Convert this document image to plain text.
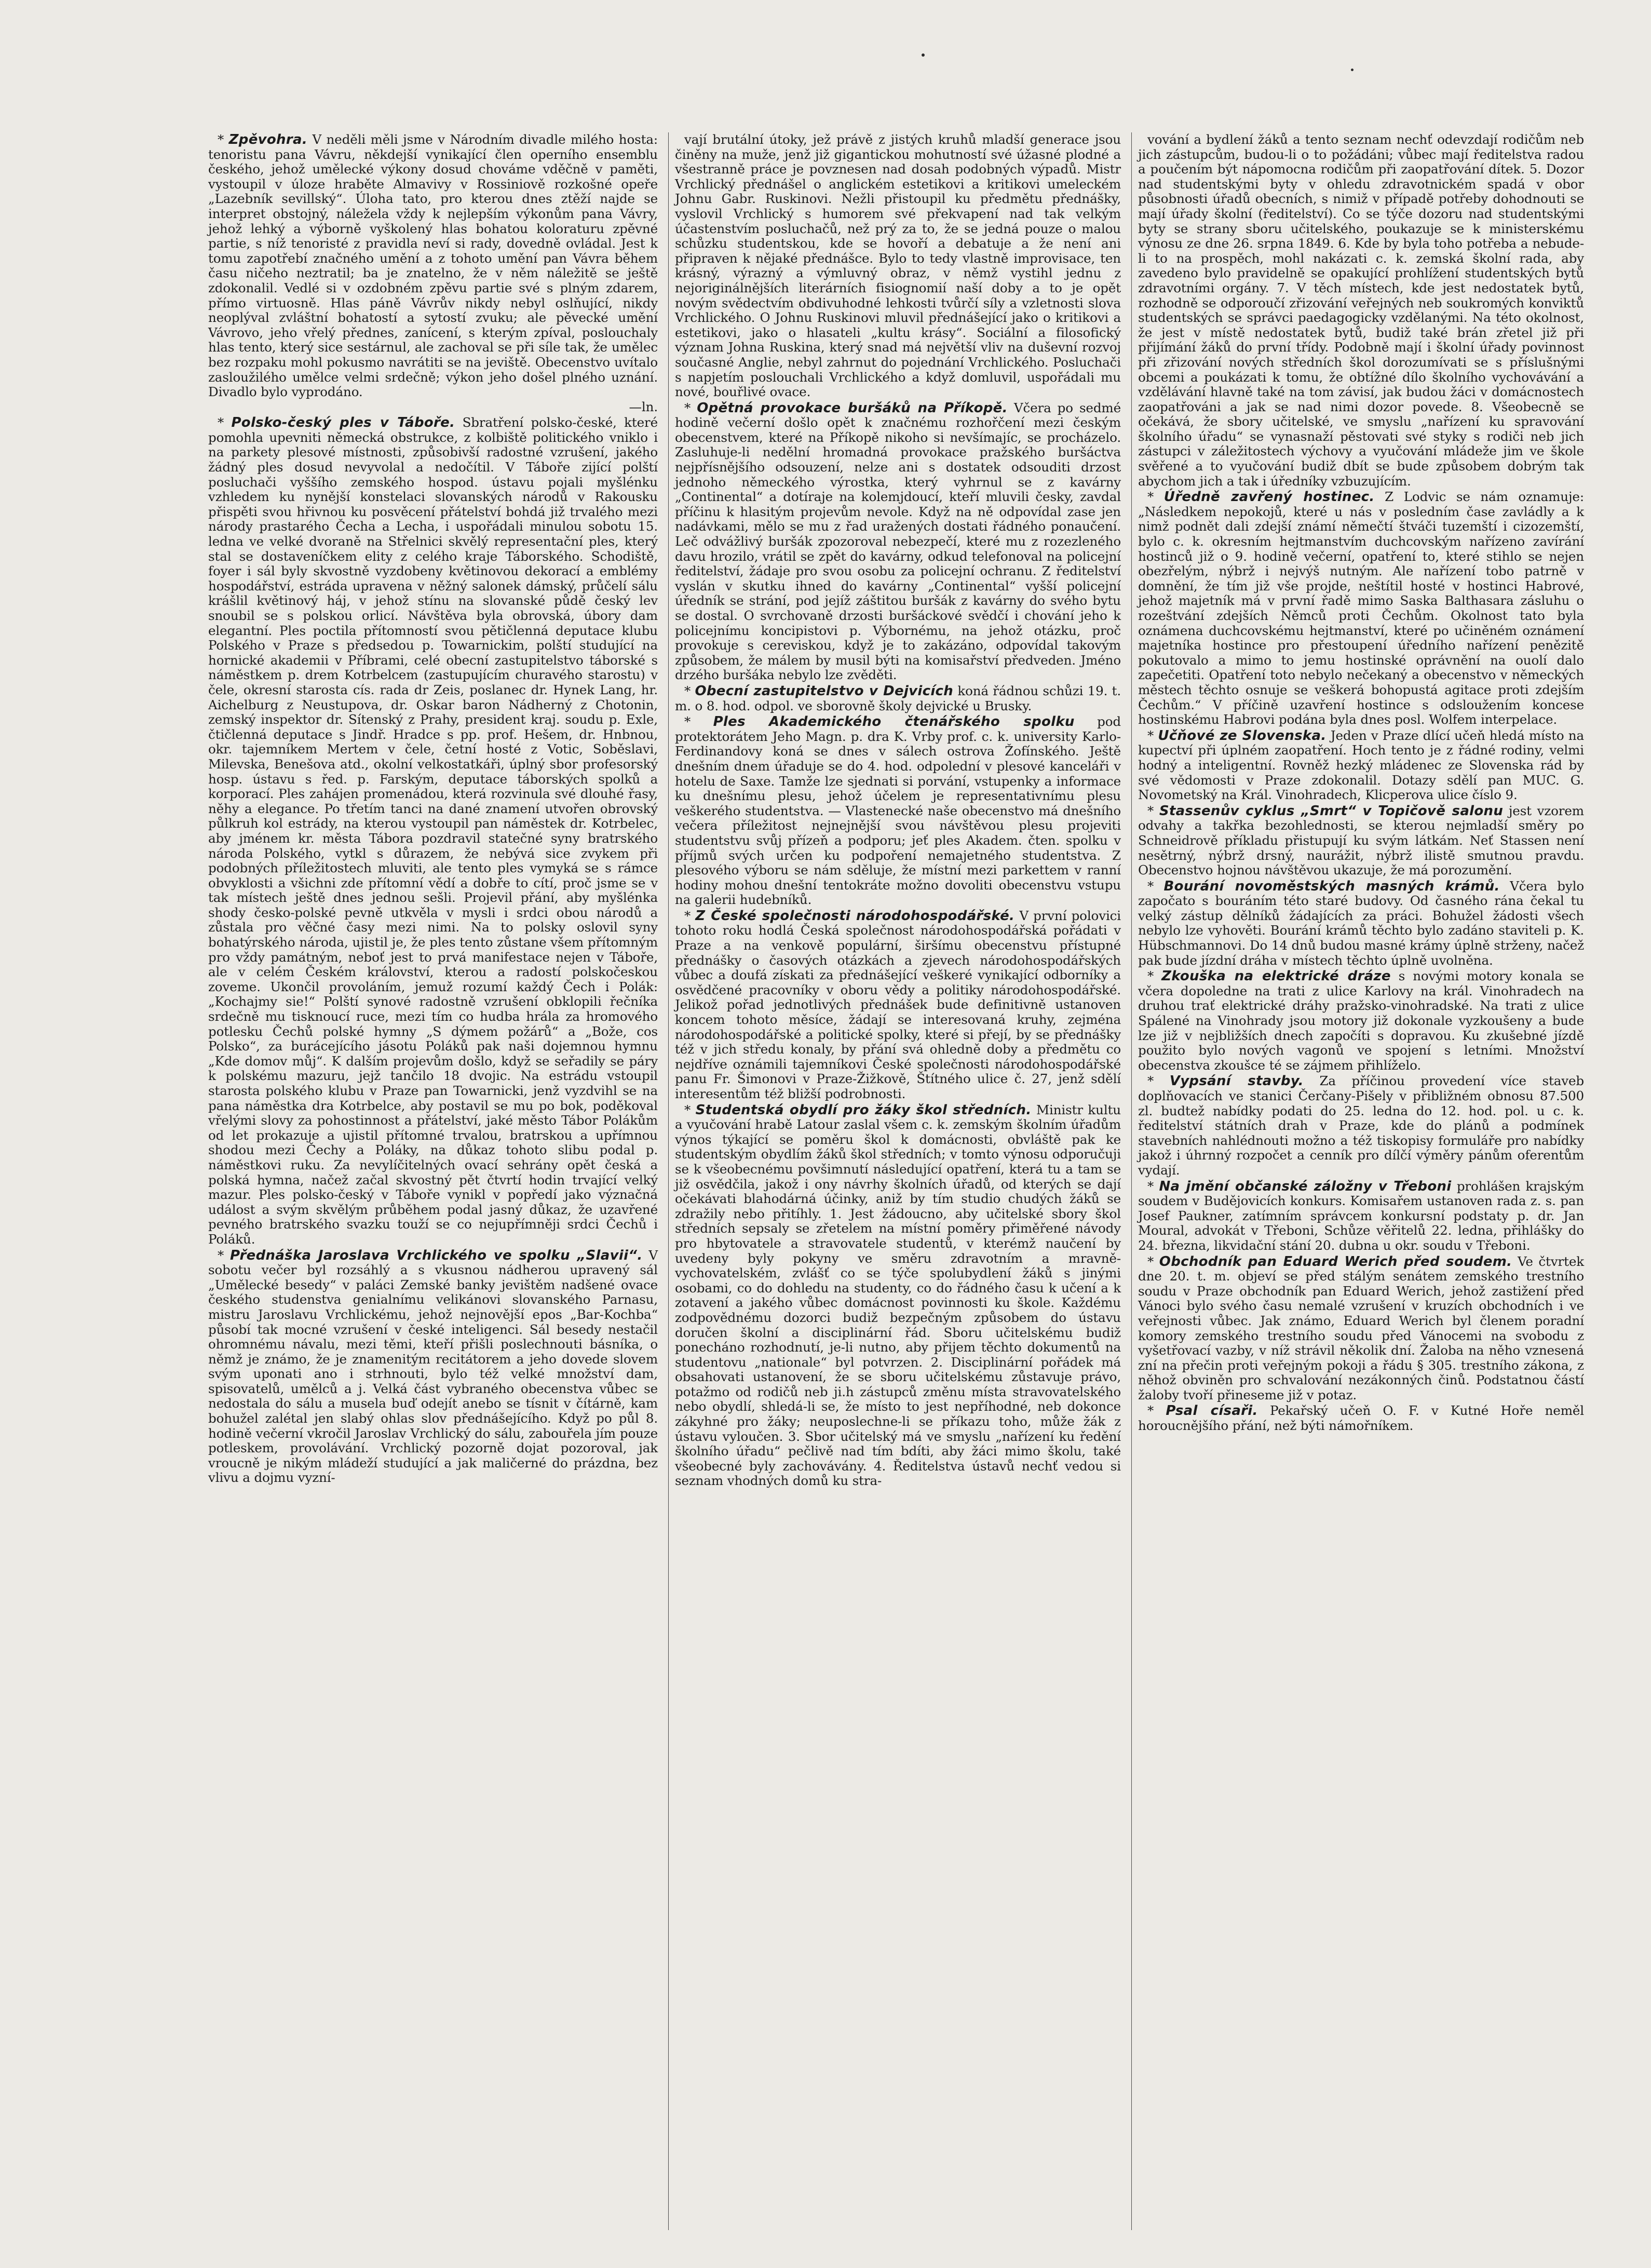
* Zpěvohra. V neděli měli jsme v Národním divadle milého hosta: tenoristu pana Vávru, někdejší vynikající člen operního ensemblu českého, jehož umělecké výkony dosud chováme vděčně v paměti, vystoupil v úloze hraběte Almavivy v Rossiniově rozkošné opeře „Lazebník sevillský“. Úloha tato, pro kterou dnes ztěží najde se interpret obstojný, náležela vždy k nejlepším výkonům pana Vávry, jehož lehký a výborně vyškolený hlas bohatou koloraturu zpěvné partie, s níž tenoristé z pravidla neví si rady, dovedně ovládal. Jest k tomu zapotřebí značného umění a z tohoto umění pan Vávra během času ničeho neztratil; ba je znatelno, že v něm náležitě se ještě zdokonalil. Vedlé si v ozdobném zpěvu partie své s plným zdarem, přímo virtuosně. Hlas páně Vávrův nikdy nebyl oslňující, nikdy neoplýval zvláštní bohatostí a sytostí zvuku; ale pěvecké umění Vávrovo, jeho vřelý přednes, zanícení, s kterým zpíval, poslouchaly hlas tento, který sice sestárnul, ale zachoval se při síle tak, že umělec bez rozpaku mohl pokusmo navrátiti se na jeviště. Obecenstvo uvítalo zasloužilého umělce velmi srdečně; výkon jeho došel plného uznání. Divadlo bylo vyprodáno.

—ln.

* Polsko-český ples v Táboře. Sbratření polsko-české, které pomohla upevniti německá obstrukce, z kolbiště politického vniklo i na parkety plesové místnosti, způsobivší radostné vzrušení, jakého žádný ples dosud nevyvolal a nedočítil. V Táboře zijící polští posluchači vyššího zemského hospod. ústavu pojali myšlénku vzhledem ku nynější konstelaci slovanských národů v Rakousku přispěti svou hřivnou ku posvěcení přátelství bohdá již trvalého mezi národy prastarého Čecha a Lecha, i uspořádali minulou sobotu 15. ledna ve velké dvoraně na Střelnici skvělý representační ples, který stal se dostaveníčkem elity z celého kraje Táborského. Schodiště, foyer i sál byly skvostně vyzdobeny květinovou dekorací a emblémy hospodářství, estráda upravena v něžný salonek dámský, průčelí sálu krášlil květinový háj, v jehož stínu na slovanské půdě český lev snoubil se s polskou orlicí. Návštěva byla obrovská, úbory dam elegantní. Ples poctila přítomností svou pětičlenná deputace klubu Polského v Praze s předsedou p. Towarnickim, polští studující na hornické akademii v Příbrami, celé obecní zastupitelstvo táborské s náměstkem p. drem Kotrbelcem (zastupujícím churavého starostu) v čele, okresní starosta cís. rada dr Zeis, poslanec dr. Hynek Lang, hr. Aichelburg z Neustupova, dr. Oskar baron Nádherný z Chotonin, zemský inspektor dr. Sítenský z Prahy, president kraj. soudu p. Exle, čtičlenná deputace s Jindř. Hradce s pp. prof. Hešem, dr. Hnbnou, okr. tajemníkem Mertem v čele, četní hosté z Votic, Soběslavi, Milevska, Benešova atd., okolní velkostatkáři, úplný sbor profesorský hosp. ústavu s řed. p. Farským, deputace táborských spolků a korporací. Ples zahájen promenádou, která rozvinula své dlouhé řasy, něhy a elegance. Po třetím tanci na dané znamení utvořen obrovský půlkruh kol estrády, na kterou vystoupil pan náměstek dr. Kotrbelec, aby jménem kr. města Tábora pozdravil statečné syny bratrského národa Polského, vytkl s důrazem, že nebývá sice zvykem při podobných příležitostech mluviti, ale tento ples vymyká se s rámce obvyklosti a všichni zde přítomní vědí a dobře to cítí, proč jsme se v tak místech ještě dnes jednou sešli. Projevil přání, aby myšlénka shody česko-polské pevně utkvěla v mysli i srdci obou národů a zůstala pro věčné časy mezi nimi. Na to polsky oslovil syny bohatýrského národa, ujistil je, že ples tento zůstane všem přítomným pro vždy památným, neboť jest to prvá manifestace nejen v Táboře, ale v celém Českém království, kterou a radostí polskočeskou zoveme. Ukončil provoláním, jemuž rozumí každý Čech i Polák: „Kochajmy sie!“ Polští synové radostně vzrušení obklopili řečníka srdečně mu tisknoucí ruce, mezi tím co hudba hrála za hromového potlesku Čechů polské hymny „S dýmem požárů“ a „Bože, cos Polsko“, za burácejícího jásotu Poláků pak naši dojemnou hymnu „Kde domov můj“. K dalším projevům došlo, když se seřadily se páry k polskému mazuru, jejž tančilo 18 dvojic. Na estrádu vstoupil starosta polského klubu v Praze pan Towarnicki, jenž vyzdvihl se na pana náměstka dra Kotrbelce, aby postavil se mu po bok, poděkoval vřelými slovy za pohostinnost a přátelství, jaké město Tábor Polákům od let prokazuje a ujistil přítomné trvalou, bratrskou a upřímnou shodou mezi Čechy a Poláky, na důkaz tohoto slibu podal p. náměstkovi ruku. Za nevylíčitelných ovací sehrány opět česká a polská hymna, načež začal skvostný pět čtvrtí hodin trvající velký mazur. Ples polsko-český v Táboře vynikl v popředí jako význačná událost a svým skvělým průběhem podal jasný důkaz, že uzavřené pevného bratrského svazku touží se co nejupřímněji srdci Čechů i Poláků.

* Přednáška Jaroslava Vrchlického ve spolku „Slavii“. V sobotu večer byl rozsáhlý a s vkusnou nádherou upravený sál „Umělecké besedy“ v paláci Zemské banky jevištěm nadšené ovace českého studenstva genialnímu velikánovi slovanského Parnasu, mistru Jaroslavu Vrchlickému, jehož nejnovější epos „Bar-Kochba“ působí tak mocné vzrušení v české inteligenci. Sál besedy nestačil ohromnému návalu, mezi těmi, kteří přišli poslechnouti básníka, o němž je známo, že je znamenitým recitátorem a jeho dovede slovem svým uponati ano i strhnouti, bylo též velké množství dam, spisovatelů, umělců a j. Velká část vybraného obecenstva vůbec se nedostala do sálu a musela buď odejít anebo se tísnit v čítárně, kam bohužel zalétal jen slabý ohlas slov přednášejícího. Když po půl 8. hodině večerní vkročil Jaroslav Vrchlický do sálu, zabouřela jím pouze potleskem, provolávání. Vrchlický pozorně dojat pozoroval, jak vroucně je nikým mládeží studující a jak maličerné do prázdna, bez vlivu a dojmu vyzní-

vají brutální útoky, jež právě z jistých kruhů mladší generace jsou činěny na muže, jenž již gigantickou mohutností své úžasné plodné a všestranně práce je povznesen nad dosah podobných výpadů. Mistr Vrchlický přednášel o anglickém estetikovi a kritikovi umeleckém Johnu Gabr. Ruskinovi. Nežli přistoupil ku předmětu přednášky, vyslovil Vrchlický s humorem své překvapení nad tak velkým účastenstvím posluchačů, než prý za to, že se jedná pouze o malou schůzku studentskou, kde se hovoří a debatuje a že není ani připraven k nějaké přednášce. Bylo to tedy vlastně improvisace, ten krásný, výrazný a výmluvný obraz, v němž vystihl jednu z nejoriginálnějších literárních fisiognomií naší doby a to je opět novým svědectvím obdivuhodné lehkosti tvůrčí síly a vzletnosti slova Vrchlického. O Johnu Ruskinovi mluvil přednášející jako o kritikovi a estetikovi, jako o hlasateli „kultu krásy“. Sociální a filosofický význam Johna Ruskina, který snad má největší vliv na duševní rozvoj současné Anglie, nebyl zahrnut do pojednání Vrchlického. Posluchači s napjetím poslouchali Vrchlického a když domluvil, uspořádali mu nové, bouřlivé ovace.

* Opětná provokace buršáků na Příkopě. Včera po sedmé hodině večerní došlo opět k značnému rozhořčení mezi českým obecenstvem, které na Příkopě nikoho si nevšímajíc, se procházelo. Zasluhuje-li nedělní hromadná provokace pražského buršáctva nejpřísnějšího odsouzení, nelze ani s dostatek odsouditi drzost jednoho německého výrostka, který vyhrnul se z kavárny „Continental“ a dotíraje na kolemjdoucí, kteří mluvili česky, zavdal příčinu k hlasitým projevům nevole. Když na ně odpovídal zase jen nadávkami, mělo se mu z řad uražených dostati řádného ponaučení. Leč odvážlivý buršák zpozoroval nebezpečí, které mu z rozezleného davu hrozilo, vrátil se zpět do kavárny, odkud telefonoval na policejní ředitelství, žádaje pro svou osobu za policejní ochranu. Z ředitelství vyslán v skutku ihned do kavárny „Continental“ vyšší policejní úředník se strání, pod jejíž záštitou buršák z kavárny do svého bytu se dostal. O svrchovaně drzosti buršáckové svědčí i chování jeho k policejnímu koncipistovi p. Výbornému, na jehož otázku, proč provokuje s cereviskou, když je to zakázáno, odpovídal takovým způsobem, že málem by musil býti na komisařství předveden. Jméno drzého buršáka nebylo lze zvěděti.

* Obecní zastupitelstvo v Dejvicích koná řádnou schůzi 19. t. m. o 8. hod. odpol. ve sborovně školy dejvické u Brusky.

* Ples Akademického čtenářského spolku pod protektorátem Jeho Magn. p. dra K. Vrby prof. c. k. university Karlo-Ferdinandovy koná se dnes v sálech ostrova Žofínského. Ještě dnešním dnem úřaduje se do 4. hod. odpolední v plesové kanceláři v hotelu de Saxe. Tamže lze sjednati si porvání, vstupenky a informace ku dnešnímu plesu, jehož účelem je representativnímu plesu veškerého studentstva. — Vlastenecké naše obecenstvo má dnešního večera příležitost nejnejnější svou návštěvou plesu projeviti studentstvu svůj přízeň a podporu; jeť ples Akadem. čten. spolku v příjmů svých určen ku podpoření nemajetného studentstva. Z plesového výboru se nám sděluje, že místní mezi parkettem v ranní hodiny mohou dnešní tentokráte možno dovoliti obecenstvu vstupu na galerii hudebníků.

* Z České společnosti národohospodářské. V první polovici tohoto roku hodlá Česká společnost národohospodářská pořádati v Praze a na venkově populární, širšímu obecenstvu přístupné přednášky o časových otázkách a zjevech národohospodářských vůbec a doufá získati za přednášející veškeré vynikající odborníky a osvědčené pracovníky v oboru vědy a politiky národohospodářské. Jelikož pořad jednotlivých přednášek bude definitivně ustanoven koncem tohoto měsíce, žádají se interesovaná kruhy, zejména národohospodářské a politické spolky, které si přejí, by se přednášky též v jich středu konaly, by přání svá ohledně doby a předmětu co nejdříve oznámili tajemníkovi České společnosti národohospodářské panu Fr. Šimonovi v Praze-Žižkově, Štítného ulice č. 27, jenž sdělí interesentům též bližší podrobnosti.

* Studentská obydlí pro žáky škol středních. Ministr kultu a vyučování hrabě Latour zaslal všem c. k. zemským školním úřadům výnos týkající se poměru škol k domácnosti, obvláště pak ke studentským obydlím žáků škol středních; v tomto výnosu odporučuji se k všeobecnému povšimnutí následující opatření, která tu a tam se již osvědčila, jakož i ony návrhy školních úřadů, od kterých se dají očekávati blahodárná účinky, aniž by tím studio chudých žáků se zdražily nebo přitíhly. 1. Jest žádoucno, aby učitelské sbory škol středních sepsaly se zřetelem na místní poměry přiměřené návody pro hbytovatele a stravovatele studentů, v kterémž naučení by uvedeny byly pokyny ve směru zdravotním a mravně-vychovatelském, zvlášť co se týče spolubydlení žáků s jinými osobami, co do dohledu na studenty, co do řádného času k učení a k zotavení a jakého vůbec domácnost povinnosti ku škole. Každému zodpovědnému dozorci budiž bezpečným způsobem do ústavu doručen školní a disciplinární řád. Sboru učitelskému budiž ponecháno rozhodnutí, je-li nutno, aby přijem těchto dokumentů na studentovu „nationale“ byl potvrzen. 2. Disciplinární pořádek má obsahovati ustanovení, že se sboru učitelskému zůstavuje právo, potažmo od rodičů neb ji.h zástupců změnu místa stravovatelského nebo obydlí, shledá-li se, že místo to jest nepříhodné, neb dokonce zákyhné pro žáky; neuposlechne-li se příkazu toho, může žák z ústavu vyloučen. 3. Sbor učitelský má ve smyslu „nařízení ku ředění školního úřadu“ pečlivě nad tím bdíti, aby žáci mimo školu, také všeobecné byly zachovávány. 4. Ředitelstva ústavů nechť vedou si seznam vhodných domů ku stra-

vování a bydlení žáků a tento seznam nechť odevzdají rodičům neb jich zástupcům, budou-li o to požádáni; vůbec mají ředitelstva radou a poučením být nápomocna rodičům při zaopatřování dítek. 5. Dozor nad studentskými byty v ohledu zdravotnickém spadá v obor působnosti úřadů obecních, s nimiž v případě potřeby dohodnouti se mají úřady školní (ředitelství). Co se týče dozoru nad studentskými byty se strany sboru učitelského, poukazuje se k ministerskému výnosu ze dne 26. srpna 1849. 6. Kde by byla toho potřeba a nebude-li to na prospěch, mohl nakázati c. k. zemská školní rada, aby zavedeno bylo pravidelně se opakující prohlížení studentských bytů zdravotními orgány. 7. V těch místech, kde jest nedostatek bytů, rozhodně se odporoučí zřizování veřejných neb soukromých konviktů studentských se správci paedagogicky vzdělanými. Na této okolnost, že jest v místě nedostatek bytů, budiž také brán zřetel již při přijímání žáků do první třídy. Podobně mají i školní úřady povinnost při zřizování nových středních škol dorozumívati se s příslušnými obcemi a poukázati k tomu, že obtížné dílo školního vychovávání a vzdělávání hlavně také na tom závisí, jak budou žáci v domácnostech zaopatřováni a jak se nad nimi dozor povede. 8. Všeobecně se očekává, že sbory učitelské, ve smyslu „nařízení ku spravování školního úřadu“ se vynasnaží pěstovati své styky s rodiči neb jich zástupci v záležitostech výchovy a vyučování mládeže jim ve škole svěřené a to vyučování budiž dbít se bude způsobem dobrým tak abychom jich a tak i úředníky vzbuzujícím.

* Úředně zavřený hostinec. Z Lodvic se nám oznamuje: „Následkem nepokojů, které u nás v posledním čase zavládly a k nimž podnět dali zdejší známí němečtí štváči tuzemští i cizozemští, bylo c. k. okresním hejtmanstvím duchcovským nařízeno zavírání hostinců již o 9. hodině večerní, opatření to, které stihlo se nejen obezřelým, nýbrž i nejvýš nutným. Ale nařízení tobo patrně v domnění, že tím již vše projde, neštítil hosté v hostinci Habrové, jehož majetník má v první řadě mimo Saska Balthasara zásluhu o rozeštvání zdejších Němců proti Čechům. Okolnost tato byla oznámena duchcovskému hejtmanství, které po učiněném oznámení majetníka hostince pro přestoupení úředního nařízení penězitě pokutovalo a mimo to jemu hostinské oprávnění na ouolí dalo zapečetiti. Opatření toto nebylo nečekaný a obecenstvo v německých městech těchto osnuje se veškerá bohopustá agitace proti zdejším Čechům.“ V příčině uzavření hostince s odsloužením koncese hostinskému Habrovi podána byla dnes posl. Wolfem interpelace.

* Učňové ze Slovenska. Jeden v Praze dlící učeň hledá místo na kupectví při úplném zaopatření. Hoch tento je z řádné rodiny, velmi hodný a inteligentní. Rovněž hezký mládenec ze Slovenska rád by své vědomosti v Praze zdokonalil. Dotazy sdělí pan MUC. G. Novometský na Král. Vinohradech, Klicperova ulice číslo 9.

* Stassenův cyklus „Smrt“ v Topičově salonu jest vzorem odvahy a takřka bezohlednosti, se kterou nejmladší směry po Schneidrově příkladu přistupují ku svým látkám. Neť Stassen není nesětrný, nýbrž drsný, naurážit, nýbrž ilistě smutnou pravdu. Obecenstvo hojnou návštěvou ukazuje, že má porozumění.

* Bourání novoměstských masných krámů. Včera bylo započato s bouráním této staré budovy. Od časného rána čekal tu velký zástup dělníků žádajících za práci. Bohužel žádosti všech nebylo lze vyhověti. Bourání krámů těchto bylo zadáno staviteli p. K. Hübschmannovi. Do 14 dnů budou masné krámy úplně strženy, načež pak bude jízdní dráha v místech těchto úplně uvolněna.

* Zkouška na elektrické dráze s novými motory konala se včera dopoledne na trati z ulice Karlovy na král. Vinohradech na druhou trať elektrické dráhy pražsko-vinohradské. Na trati z ulice Spálené na Vinohrady jsou motory již dokonale vyzkoušeny a bude lze již v nejbližších dnech započíti s dopravou. Ku zkušebné jízdě použito bylo nových vagonů ve spojení s letními. Množství obecenstva zkoušce té se zájmem přihlíželo.

* Vypsání stavby. Za příčinou provedení více staveb doplňovacích ve stanici Čerčany-Pišely v přibližném obnosu 87.500 zl. budtež nabídky podati do 25. ledna do 12. hod. pol. u c. k. ředitelství státních drah v Praze, kde do plánů a podmínek stavebních nahlédnouti možno a též tiskopisy formuláře pro nabídky jakož i úhrnný rozpočet a cenník pro dílčí výměry pánům oferentům vydají.

* Na jmění občanské záložny v Třeboni prohlášen krajským soudem v Budějovicích konkurs. Komisařem ustanoven rada z. s. pan Josef Paukner, zatímním správcem konkursní podstaty p. dr. Jan Moural, advokát v Třeboni, Schůze věřitelů 22. ledna, přihlášky do 24. března, likvidační stání 20. dubna u okr. soudu v Třeboni.

* Obchodník pan Eduard Werich před soudem. Ve čtvrtek dne 20. t. m. objeví se před stálým senátem zemského trestního soudu v Praze obchodník pan Eduard Werich, jehož zastižení před Vánoci bylo svého času nemalé vzrušení v kruzích obchodních i ve veřejnosti vůbec. Jak známo, Eduard Werich byl členem poradní komory zemského trestního soudu před Vánocemi na svobodu z vyšetřovací vazby, v níž strávil několik dní. Žaloba na něho vznesená zní na přečin proti veřejným pokoji a řádu § 305. trestního zákona, z něhož obviněn pro schvalování nezákonných činů. Podstatnou částí žaloby tvoří přineseme již v potaz.

* Psal císaři. Pekařský učeň O. F. v Kutné Hoře neměl horoucnějšího přání, než býti námořníkem.
